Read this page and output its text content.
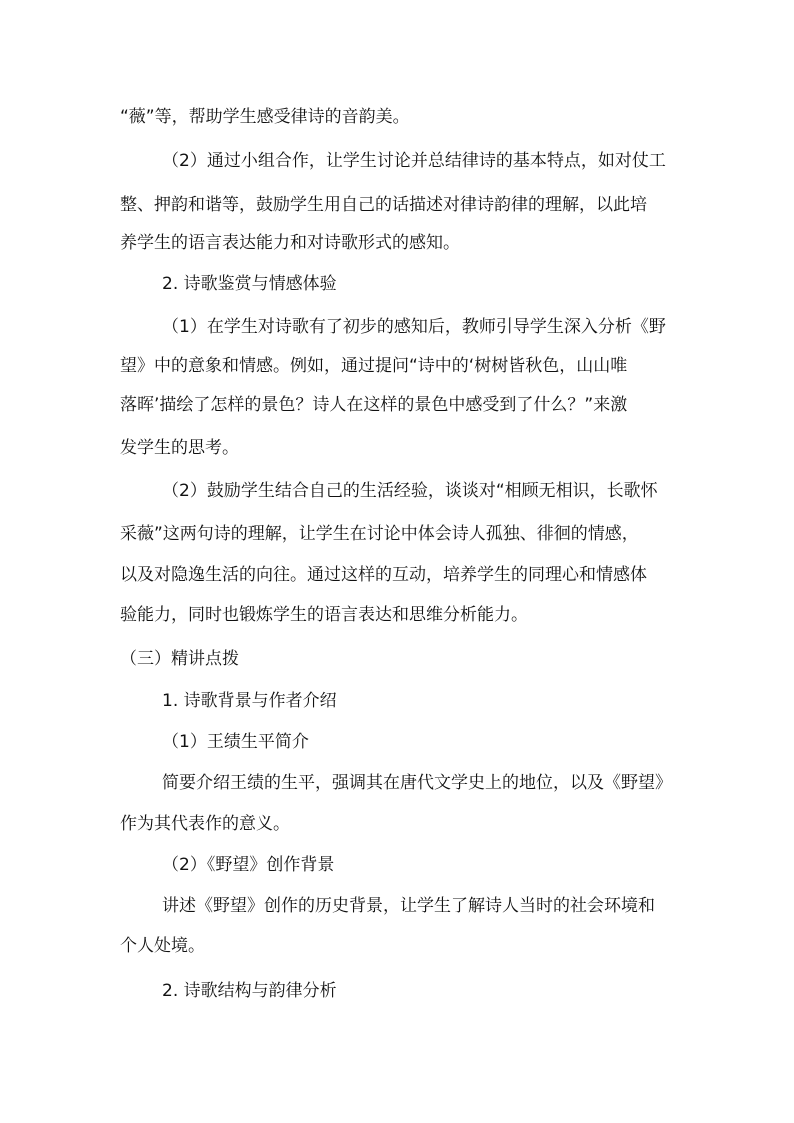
“薇”等，帮助学生感受律诗的音韵美。
（2）通过小组合作，让学生讨论并总结律诗的基本特点，如对仗工
整、押韵和谐等，鼓励学生用自己的话描述对律诗韵律的理解，以此培
养学生的语言表达能力和对诗歌形式的感知。
2. 诗歌鉴赏与情感体验
（1）在学生对诗歌有了初步的感知后，教师引导学生深入分析《野
望》中的意象和情感。例如，通过提问“诗中的‘树树皆秋色，山山唯
落晖’描绘了怎样的景色？诗人在这样的景色中感受到了什么？”来激
发学生的思考。
（2）鼓励学生结合自己的生活经验，谈谈对“相顾无相识，长歌怀
采薇”这两句诗的理解，让学生在讨论中体会诗人孤独、徘徊的情感，
以及对隐逸生活的向往。通过这样的互动，培养学生的同理心和情感体
验能力，同时也锻炼学生的语言表达和思维分析能力。
（三）精讲点拨
1. 诗歌背景与作者介绍
（1）王绩生平简介
简要介绍王绩的生平，强调其在唐代文学史上的地位，以及《野望》
作为其代表作的意义。
（2）《野望》创作背景
讲述《野望》创作的历史背景，让学生了解诗人当时的社会环境和
个人处境。
2. 诗歌结构与韵律分析
